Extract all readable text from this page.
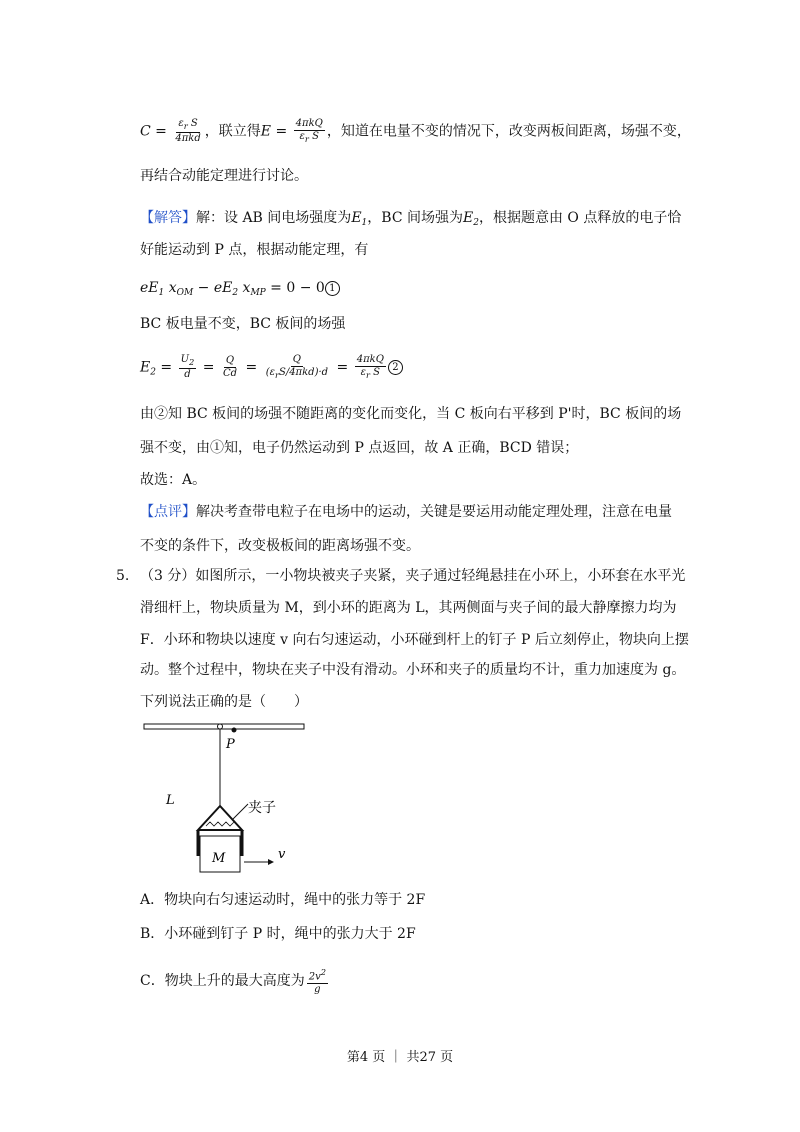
$C = \frac{\varepsilon_r S}{\text{4πkd}}$ ，联立得$E = \frac{\text{4πkQ}}{\varepsilon_r S}$ ，知道在电量不变的情况下，改变两板间距离，场强不变，
再结合动能定理进行讨论。
【解答】解：设 AB 间电场强度为$E_1$，BC 间场强为$E_2$，根据题意由 O 点释放的电子恰
好能运动到 P 点，根据动能定理，有
$eE_1$ $x_{OM} - eE_2$ $x_{MP} = 0 - 0$ 1
BC 板电量不变，BC 板间的场强
$E_2 = \frac{U_2}{d} = \frac{Q}{Cd} = \frac{Q}{(\varepsilon_rS/4\pi kd)\cdot d} = \frac{\text{4πkQ}}{\varepsilon_r S} 2$
由②知 BC 板间的场强不随距离的变化而变化，当 C 板向右平移到 P'时，BC 板间的场
强不变，由①知，电子仍然运动到 P 点返回，故 A 正确，BCD 错误；
故选：A。
【点评】解决考查带电粒子在电场中的运动，关键是要运用动能定理处理，注意在电量
不变的条件下，改变极板间的距离场强不变。
5. （3 分）如图所示，一小物块被夹子夹紧，夹子通过轻绳悬挂在小环上，小环套在水平光
滑细杆上，物块质量为 M，到小环的距离为 L，其两侧面与夹子间的最大静摩擦力均为
F．小环和物块以速度 v 向右匀速运动，小环碰到杆上的钉子 P 后立刻停止，物块向上摆
动。整个过程中，物块在夹子中没有滑动。小环和夹子的质量均不计，重力加速度为 g。
下列说法正确的是（　　）
P
L	夹子
M	v
A．物块向右匀速运动时，绳中的张力等于 2F
B．小环碰到钉子 P 时，绳中的张力大于 2F
C．物块上升的最大高度为 $\frac{2v^2}{g}$
第4 页 ｜ 共27 页
